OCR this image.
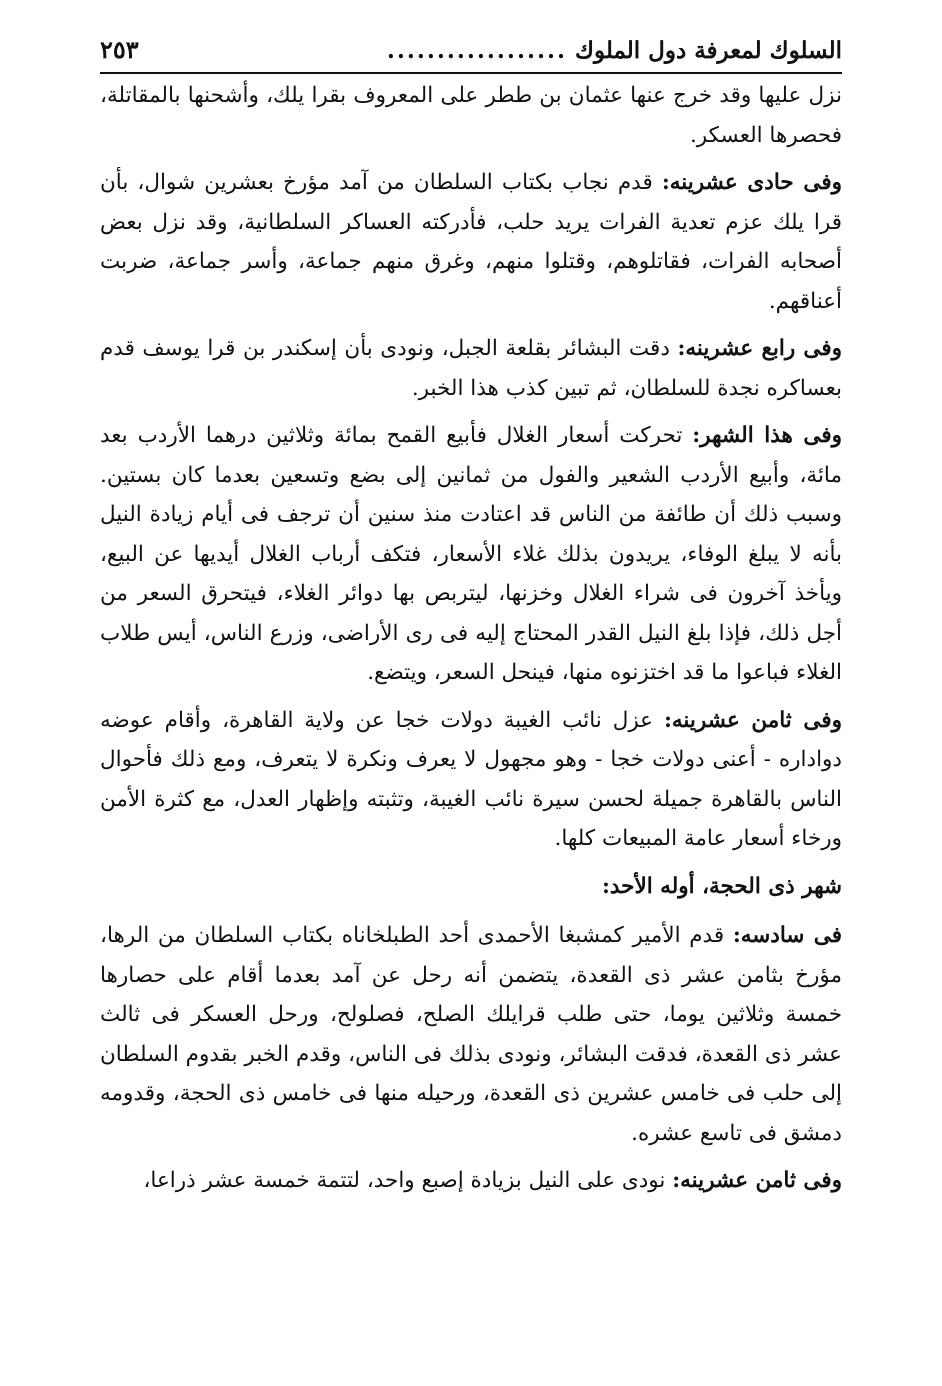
السلوك لمعرفة دول الملوك
..................
٢٥٣

نزل عليها وقد خرج عنها عثمان بن ططر على المعروف بقرا يلك، وأشحنها بالمقاتلة، فحصرها العسكر.

وفى حادى عشرينه: قدم نجاب بكتاب السلطان من آمد مؤرخ بعشرين شوال، بأن قرا يلك عزم تعدية الفرات يريد حلب، فأدركته العساكر السلطانية، وقد نزل بعض أصحابه الفرات، فقاتلوهم، وقتلوا منهم، وغرق منهم جماعة، وأسر جماعة، ضربت أعناقهم.

وفى رابع عشرينه: دقت البشائر بقلعة الجبل، ونودى بأن إسكندر بن قرا يوسف قدم بعساكره نجدة للسلطان، ثم تبين كذب هذا الخبر.

وفى هذا الشهر: تحركت أسعار الغلال فأبيع القمح بمائة وثلاثين درهما الأردب بعد مائة، وأبيع الأردب الشعير والفول من ثمانين إلى بضع وتسعين بعدما كان بستين. وسبب ذلك أن طائفة من الناس قد اعتادت منذ سنين أن ترجف فى أيام زيادة النيل بأنه لا يبلغ الوفاء، يريدون بذلك غلاء الأسعار، فتكف أرباب الغلال أيديها عن البيع، ويأخذ آخرون فى شراء الغلال وخزنها، ليتربص بها دوائر الغلاء، فيتحرق السعر من أجل ذلك، فإذا بلغ النيل القدر المحتاج إليه فى رى الأراضى، وزرع الناس، أيس طلاب الغلاء فباعوا ما قد اختزنوه منها، فينحل السعر، ويتضع.

وفى ثامن عشرينه: عزل نائب الغيبة دولات خجا عن ولاية القاهرة، وأقام عوضه دواداره - أعنى دولات خجا - وهو مجهول لا يعرف ونكرة لا يتعرف، ومع ذلك فأحوال الناس بالقاهرة جميلة لحسن سيرة نائب الغيبة، وتثبته وإظهار العدل، مع كثرة الأمن ورخاء أسعار عامة المبيعات كلها.

شهر ذى الحجة، أوله الأحد:

فى سادسه: قدم الأمير كمشبغا الأحمدى أحد الطبلخاناه بكتاب السلطان من الرها، مؤرخ بثامن عشر ذى القعدة، يتضمن أنه رحل عن آمد بعدما أقام على حصارها خمسة وثلاثين يوما، حتى طلب قرايلك الصلح، فصلولح، ورحل العسكر فى ثالث عشر ذى القعدة، فدقت البشائر، ونودى بذلك فى الناس، وقدم الخبر بقدوم السلطان إلى حلب فى خامس عشرين ذى القعدة، ورحيله منها فى خامس ذى الحجة، وقدومه دمشق فى تاسع عشره.

وفى ثامن عشرينه: نودى على النيل بزيادة إصبع واحد، لتتمة خمسة عشر ذراعا،
